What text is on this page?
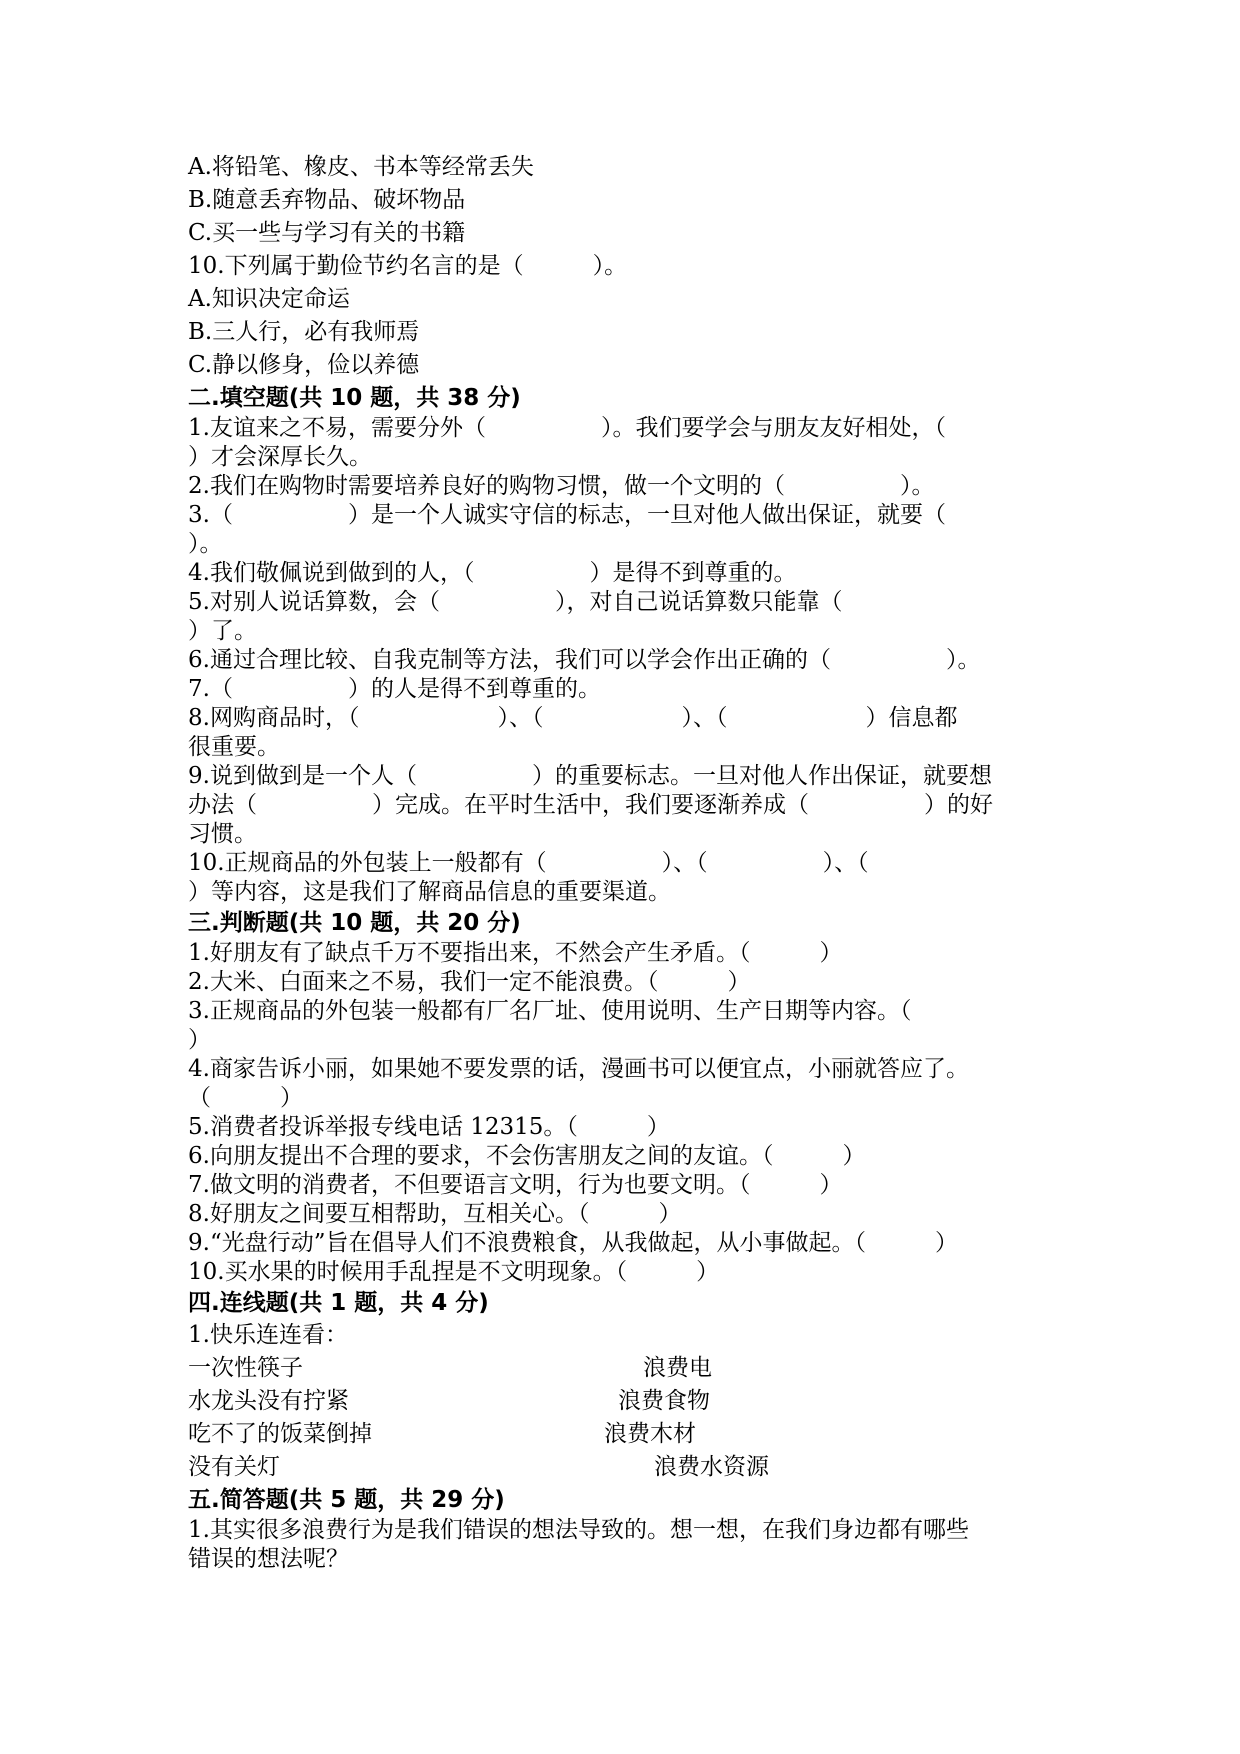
A.将铅笔、橡皮、书本等经常丢失

B.随意丢弃物品、破坏物品

C.买一些与学习有关的书籍

10.下列属于勤俭节约名言的是（　　　）。

A.知识决定命运

B.三人行，必有我师焉

C.静以修身，俭以养德

二.填空题(共 10 题，共 38 分)

1.友谊来之不易，需要分外（　　　　　）。我们要学会与朋友友好相处，（

）才会深厚长久。

2.我们在购物时需要培养良好的购物习惯，做一个文明的（　　　　　）。

3.（　　　　　）是一个人诚实守信的标志，一旦对他人做出保证，就要（

）。

4.我们敬佩说到做到的人，（　　　　　）是得不到尊重的。

5.对别人说话算数，会（　　　　　），对自己说话算数只能靠（

）了。

6.通过合理比较、自我克制等方法，我们可以学会作出正确的（　　　　　）。

7.（　　　　　）的人是得不到尊重的。

8.网购商品时，（　　　　　　）、（　　　　　　）、（　　　　　　）信息都

很重要。

9.说到做到是一个人（　　　　　）的重要标志。一旦对他人作出保证，就要想

办法（　　　　　）完成。在平时生活中，我们要逐渐养成（　　　　　）的好

习惯。

10.正规商品的外包装上一般都有（　　　　　）、（　　　　　）、（

）等内容，这是我们了解商品信息的重要渠道。

三.判断题(共 10 题，共 20 分)

1.好朋友有了缺点千万不要指出来，不然会产生矛盾。（　　　）

2.大米、白面来之不易，我们一定不能浪费。（　　　）

3.正规商品的外包装一般都有厂名厂址、使用说明、生产日期等内容。（

）

4.商家告诉小丽，如果她不要发票的话，漫画书可以便宜点，小丽就答应了。

（　　　）

5.消费者投诉举报专线电话 12315。（　　　）

6.向朋友提出不合理的要求，不会伤害朋友之间的友谊。（　　　）

7.做文明的消费者，不但要语言文明，行为也要文明。（　　　）

8.好朋友之间要互相帮助，互相关心。（　　　）

9.“光盘行动”旨在倡导人们不浪费粮食，从我做起，从小事做起。（　　　）

10.买水果的时候用手乱捏是不文明现象。（　　　）

四.连线题(共 1 题，共 4 分)

1.快乐连连看：

一次性筷子	浪费电
水龙头没有拧紧	浪费食物
吃不了的饭菜倒掉	浪费木材
没有关灯	浪费水资源

五.简答题(共 5 题，共 29 分)

1.其实很多浪费行为是我们错误的想法导致的。想一想，在我们身边都有哪些

错误的想法呢？
